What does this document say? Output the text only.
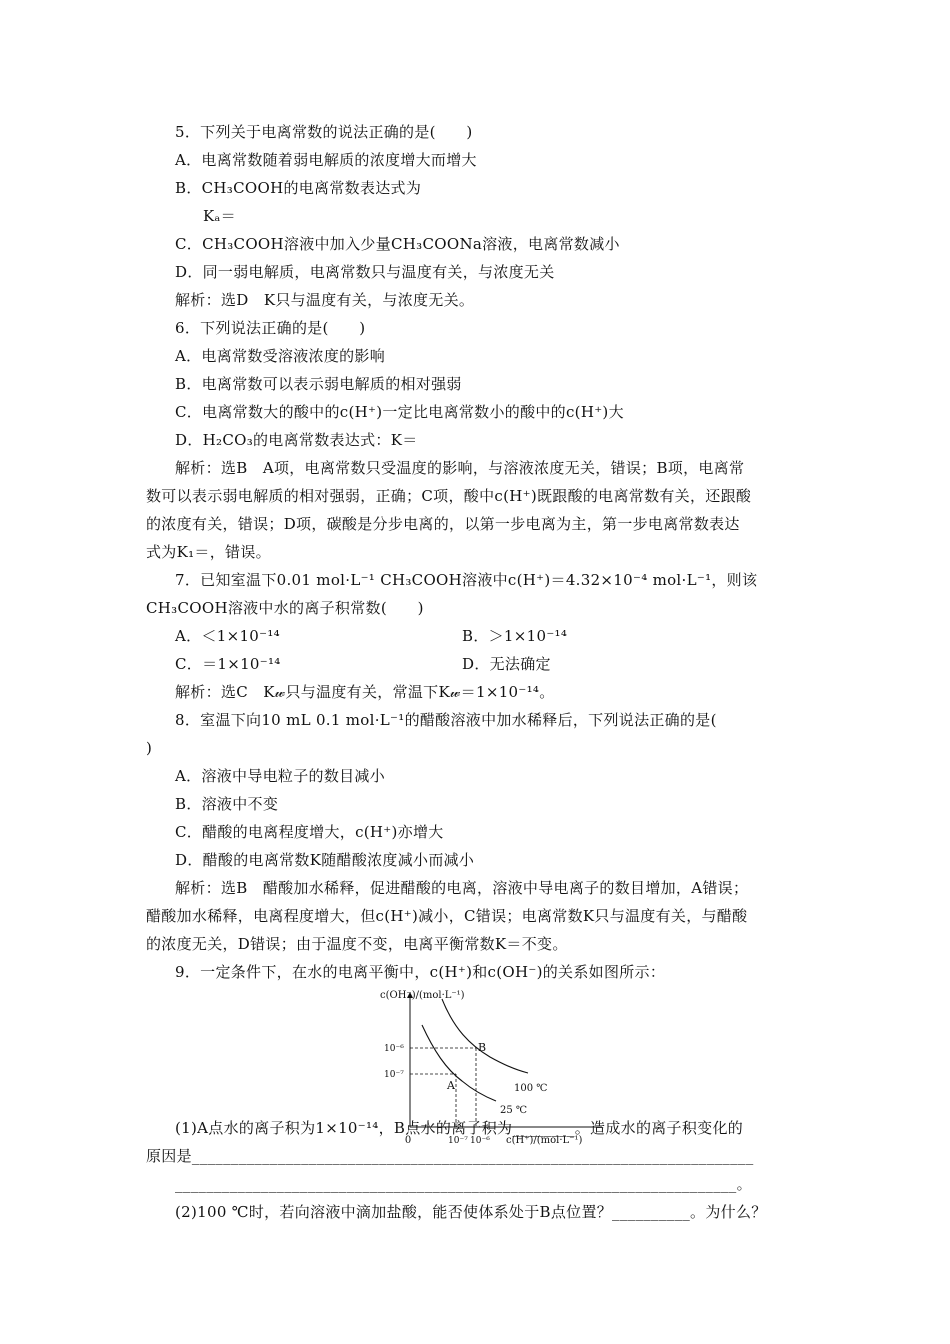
5．下列关于电离常数的说法正确的是(　　)
A．电离常数随着弱电解质的浓度增大而增大
B．CH₃COOH的电离常数表达式为
Kₐ＝
C．CH₃COOH溶液中加入少量CH₃COONa溶液，电离常数减小
D．同一弱电解质，电离常数只与温度有关，与浓度无关
解析：选D　K只与温度有关，与浓度无关。
6．下列说法正确的是(　　)
A．电离常数受溶液浓度的影响
B．电离常数可以表示弱电解质的相对强弱
C．电离常数大的酸中的c(H⁺)一定比电离常数小的酸中的c(H⁺)大
D．H₂CO₃的电离常数表达式：K＝
解析：选B　A项，电离常数只受温度的影响，与溶液浓度无关，错误；B项，电离常
数可以表示弱电解质的相对强弱，正确；C项，酸中c(H⁺)既跟酸的电离常数有关，还跟酸
的浓度有关，错误；D项，碳酸是分步电离的，以第一步电离为主，第一步电离常数表达
式为K₁＝，错误。
7．已知室温下0.01 mol·L⁻¹ CH₃COOH溶液中c(H⁺)＝4.32×10⁻⁴ mol·L⁻¹，则该
CH₃COOH溶液中水的离子积常数(　　)
A．＜1×10⁻¹⁴	B．＞1×10⁻¹⁴
C．＝1×10⁻¹⁴	D．无法确定
解析：选C　K𝓌只与温度有关，常温下K𝓌＝1×10⁻¹⁴。
8．室温下向10 mL 0.1 mol·L⁻¹的醋酸溶液中加水稀释后，下列说法正确的是(
)
A．溶液中导电粒子的数目减小
B．溶液中不变
C．醋酸的电离程度增大，c(H⁺)亦增大
D．醋酸的电离常数K随醋酸浓度减小而减小
解析：选B　醋酸加水稀释，促进醋酸的电离，溶液中导电离子的数目增加，A错误；
醋酸加水稀释，电离程度增大，但c(H⁺)减小，C错误；电离常数K只与温度有关，与醋酸
的浓度无关，D错误；由于温度不变，电离平衡常数K＝不变。
9．一定条件下，在水的电离平衡中，c(H⁺)和c(OH⁻)的关系如图所示：
c(OH⁻)/(mol·L⁻¹)
0	c(H⁺)/(mol·L⁻¹)
10⁻⁶
10⁻⁷
10⁻⁷ 10⁻⁶
B
A	100 ℃
25 ℃
(1)A点水的离子积为1×10⁻¹⁴，B点水的离子积为________。造成水的离子积变化的
原因是________________________________________________________________________
________________________________________________________________________。
(2)100 ℃时，若向溶液中滴加盐酸，能否使体系处于B点位置？__________。为什么？
